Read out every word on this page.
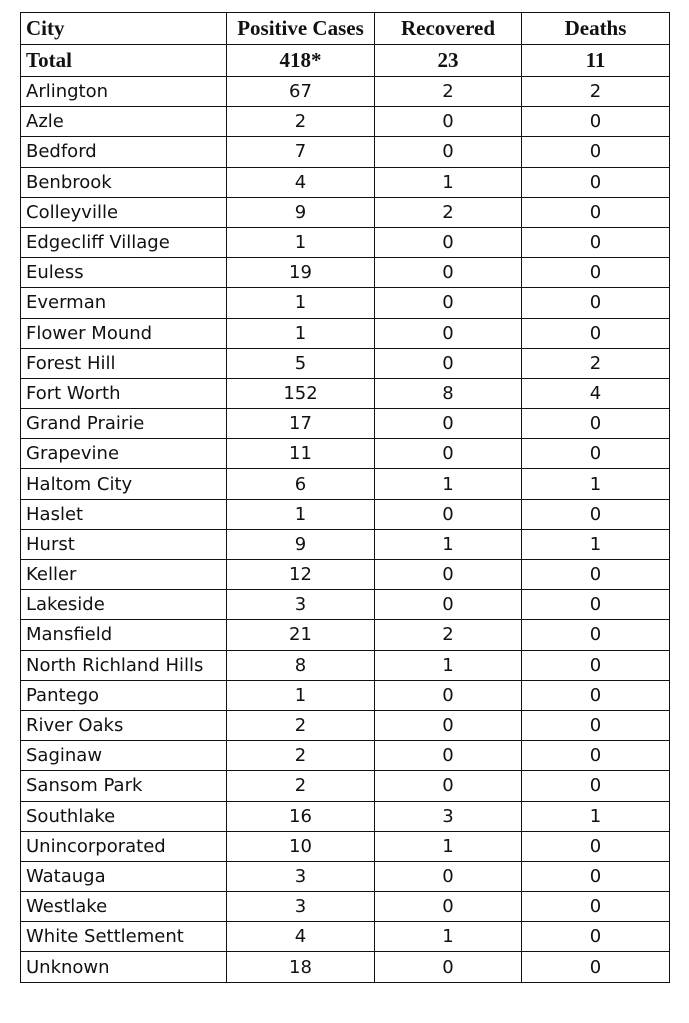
City	Positive Cases	Recovered	Deaths
Total	418*	23	11
Arlington	67	2	2
Azle	2	0	0
Bedford	7	0	0
Benbrook	4	1	0
Colleyville	9	2	0
Edgecliff Village	1	0	0
Euless	19	0	0
Everman	1	0	0
Flower Mound	1	0	0
Forest Hill	5	0	2
Fort Worth	152	8	4
Grand Prairie	17	0	0
Grapevine	11	0	0
Haltom City	6	1	1
Haslet	1	0	0
Hurst	9	1	1
Keller	12	0	0
Lakeside	3	0	0
Mansfield	21	2	0
North Richland Hills	8	1	0
Pantego	1	0	0
River Oaks	2	0	0
Saginaw	2	0	0
Sansom Park	2	0	0
Southlake	16	3	1
Unincorporated	10	1	0
Watauga	3	0	0
Westlake	3	0	0
White Settlement	4	1	0
Unknown	18	0	0
